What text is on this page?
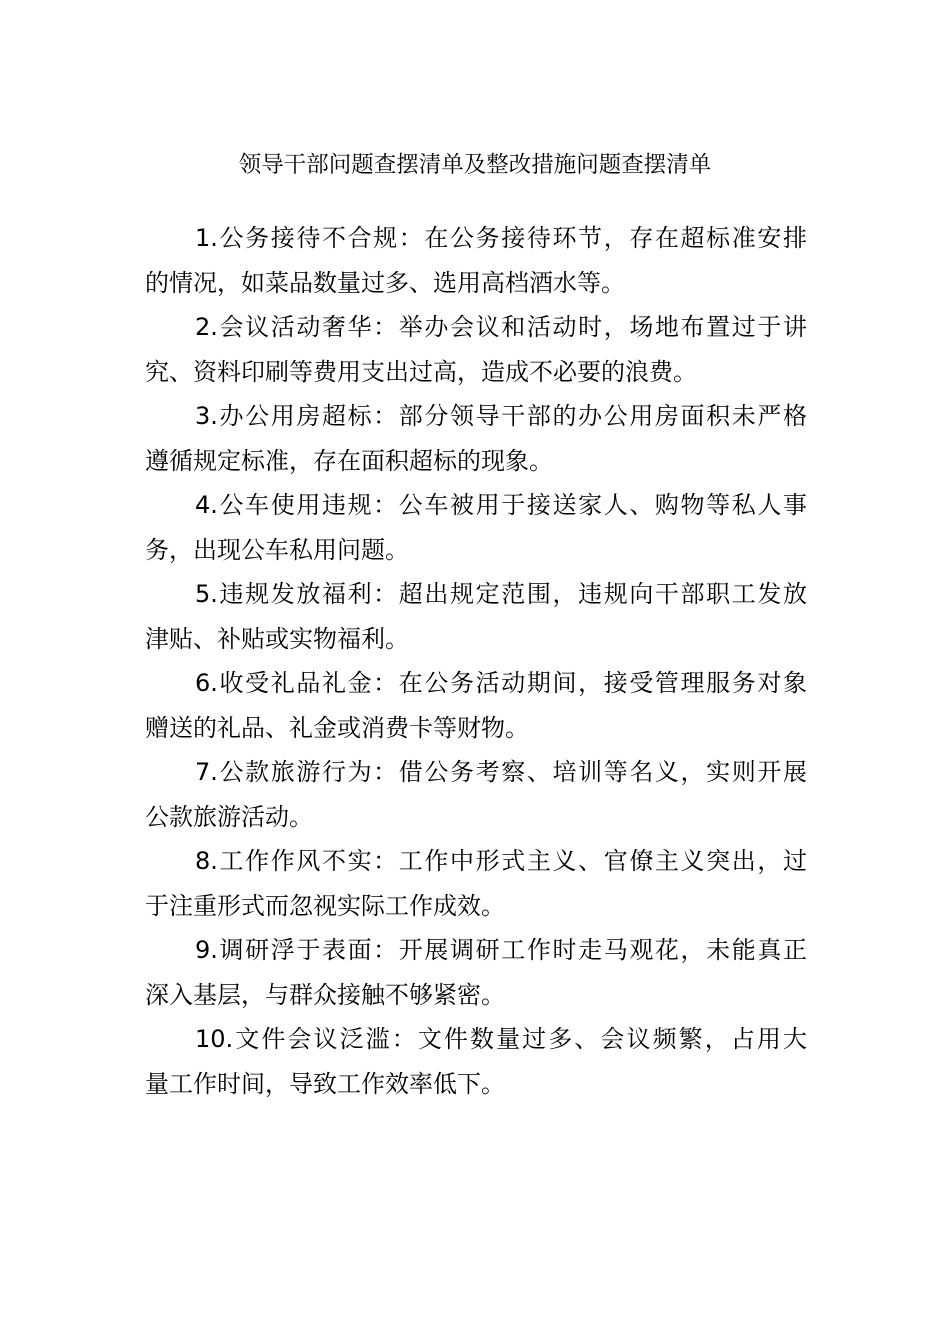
领导干部问题查摆清单及整改措施问题查摆清单

1.公务接待不合规：在公务接待环节，存在超标准安排
的情况，如菜品数量过多、选用高档酒水等。

2.会议活动奢华：举办会议和活动时，场地布置过于讲
究、资料印刷等费用支出过高，造成不必要的浪费。

3.办公用房超标：部分领导干部的办公用房面积未严格
遵循规定标准，存在面积超标的现象。

4.公车使用违规：公车被用于接送家人、购物等私人事
务，出现公车私用问题。

5.违规发放福利：超出规定范围，违规向干部职工发放
津贴、补贴或实物福利。

6.收受礼品礼金：在公务活动期间，接受管理服务对象
赠送的礼品、礼金或消费卡等财物。

7.公款旅游行为：借公务考察、培训等名义，实则开展
公款旅游活动。

8.工作作风不实：工作中形式主义、官僚主义突出，过
于注重形式而忽视实际工作成效。

9.调研浮于表面：开展调研工作时走马观花，未能真正
深入基层，与群众接触不够紧密。

10.文件会议泛滥：文件数量过多、会议频繁，占用大
量工作时间，导致工作效率低下。
